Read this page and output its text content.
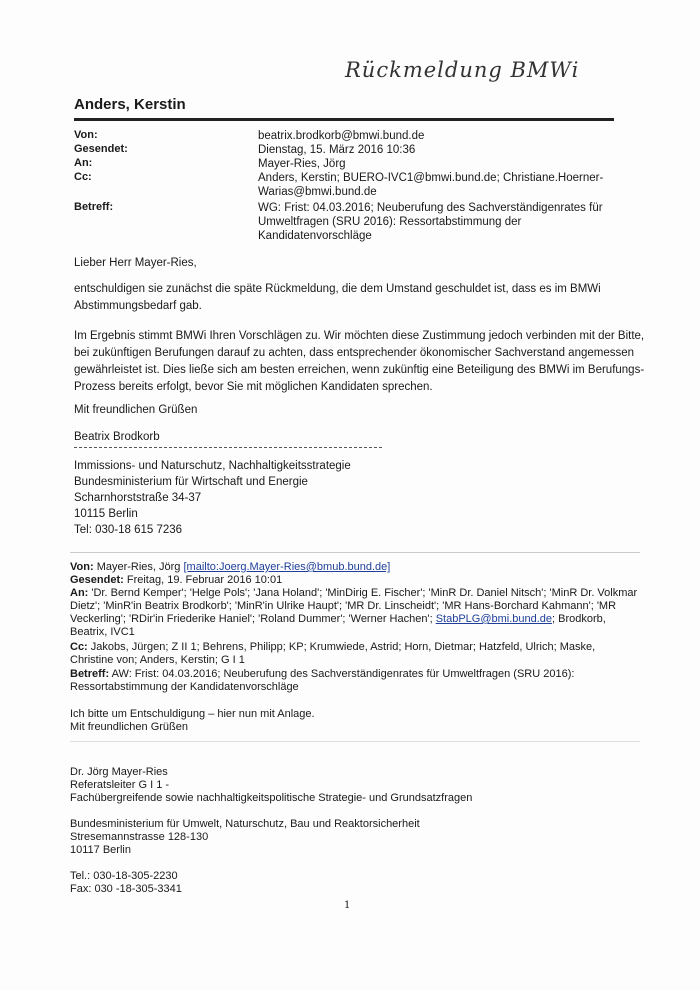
Rückmeldung BMWi
Anders, Kerstin
Von:	beatrix.brodkorb@bmwi.bund.de
Gesendet:	Dienstag, 15. März 2016 10:36
An:	Mayer-Ries, Jörg
Cc:	Anders, Kerstin; BUERO-IVC1@bmwi.bund.de; Christiane.Hoerner-Warias@bmwi.bund.de
Betreff:	WG: Frist: 04.03.2016; Neuberufung des Sachverständigenrates für Umweltfragen (SRU 2016): Ressortabstimmung der Kandidatenvorschläge
Lieber Herr Mayer-Ries,
entschuldigen sie zunächst die späte Rückmeldung, die dem Umstand geschuldet ist, dass es im BMWi Abstimmungsbedarf gab.
Im Ergebnis stimmt BMWi Ihren Vorschlägen zu. Wir möchten diese Zustimmung jedoch verbinden mit der Bitte, bei zukünftigen Berufungen darauf zu achten, dass entsprechender ökonomischer Sachverstand angemessen gewährleistet ist. Dies ließe sich am besten erreichen, wenn zukünftig eine Beteiligung des BMWi im Berufungs-Prozess bereits erfolgt, bevor Sie mit möglichen Kandidaten sprechen.
Mit freundlichen Grüßen
Beatrix Brodkorb
Immissions- und Naturschutz, Nachhaltigkeitsstrategie
Bundesministerium für Wirtschaft und Energie
Scharnhorststraße 34-37
10115 Berlin
Tel: 030-18 615 7236
Von: Mayer-Ries, Jörg [mailto:Joerg.Mayer-Ries@bmub.bund.de]
Gesendet: Freitag, 19. Februar 2016 10:01
An: 'Dr. Bernd Kemper'; 'Helge Pols'; 'Jana Holand'; 'MinDirig E. Fischer'; 'MinR Dr. Daniel Nitsch'; 'MinR Dr. Volkmar Dietz'; 'MinR'in Beatrix Brodkorb'; 'MinR'in Ulrike Haupt'; 'MR Dr. Linscheidt'; 'MR Hans-Borchard Kahmann'; 'MR Veckerling'; 'RDir'in Friederike Haniel'; 'Roland Dummer'; 'Werner Hachen'; StabPLG@bmi.bund.de; Brodkorb, Beatrix, IVC1
Cc: Jakobs, Jürgen; Z II 1; Behrens, Philipp; KP; Krumwiede, Astrid; Horn, Dietmar; Hatzfeld, Ulrich; Maske, Christine von; Anders, Kerstin; G I 1
Betreff: AW: Frist: 04.03.2016; Neuberufung des Sachverständigenrates für Umweltfragen (SRU 2016): Ressortabstimmung der Kandidatenvorschläge
Ich bitte um Entschuldigung – hier nun mit Anlage.
Mit freundlichen Grüßen
Dr. Jörg Mayer-Ries
Referatsleiter G I 1 -
Fachübergreifende sowie nachhaltigkeitspolitische Strategie- und Grundsatzfragen
Bundesministerium für Umwelt, Naturschutz, Bau und Reaktorsicherheit
Stresemannstrasse 128-130
10117 Berlin
Tel.: 030-18-305-2230
Fax: 030 -18-305-3341
1
